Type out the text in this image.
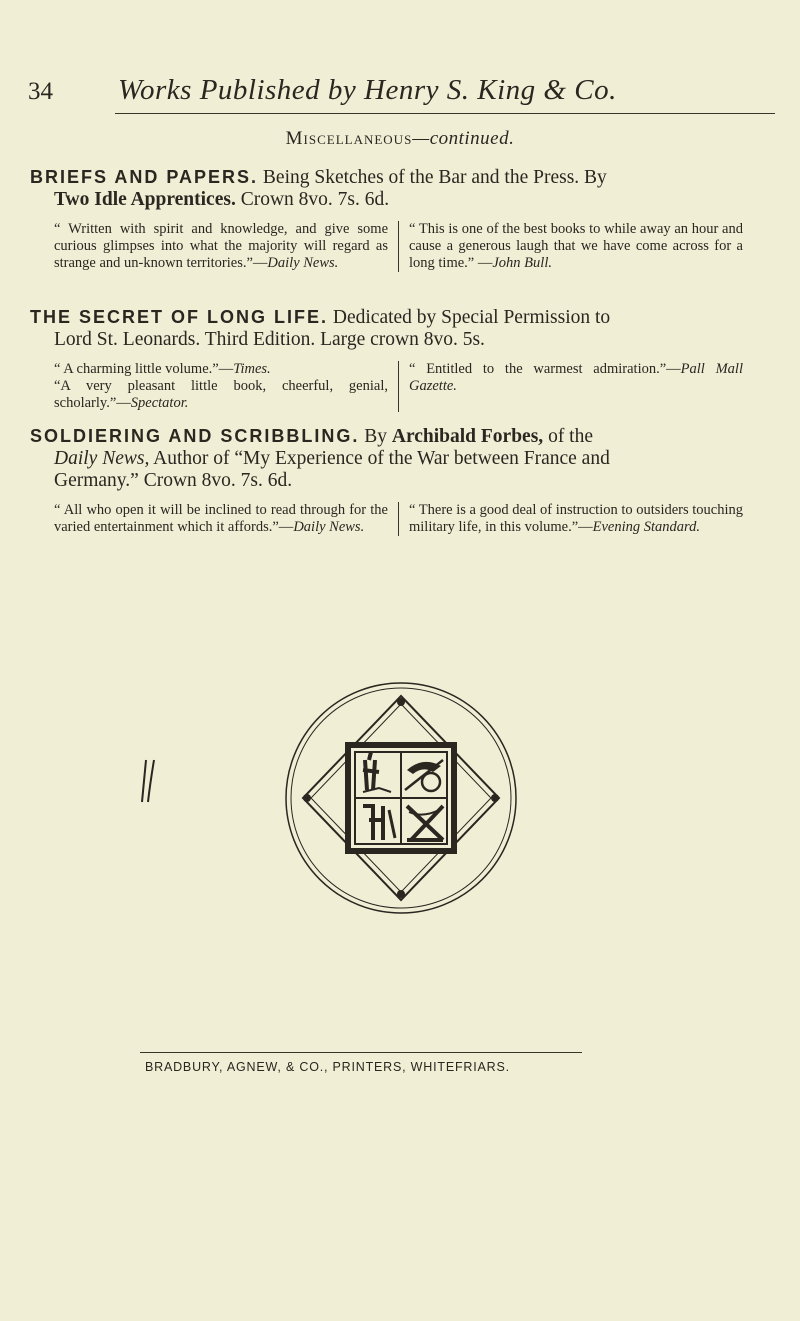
34 Works Published by Henry S. King & Co.
Miscellaneous—continued.
BRIEFS AND PAPERS. Being Sketches of the Bar and the Press. By
Two Idle Apprentices. Crown 8vo. 7s. 6d.
“ Written with spirit and knowledge, and give some curious glimpses into what the majority will regard as strange and un-known territories.”—Daily News.
“ This is one of the best books to while away an hour and cause a generous laugh that we have come across for a long time.” —John Bull.
THE SECRET OF LONG LIFE. Dedicated by Special Permission to
Lord St. Leonards. Third Edition. Large crown 8vo. 5s.
“ A charming little volume.”—Times.
“A very pleasant little book, cheerful, genial, scholarly.”—Spectator.
“ Entitled to the warmest admiration.”—Pall Mall Gazette.
SOLDIERING AND SCRIBBLING. By Archibald Forbes, of the
Daily News, Author of “My Experience of the War between France and
Germany.” Crown 8vo. 7s. 6d.
“ All who open it will be inclined to read through for the varied entertainment which it affords.”—Daily News.
“ There is a good deal of instruction to outsiders touching military life, in this volume.”—Evening Standard.
BRADBURY, AGNEW, & CO., PRINTERS, WHITEFRIARS.
